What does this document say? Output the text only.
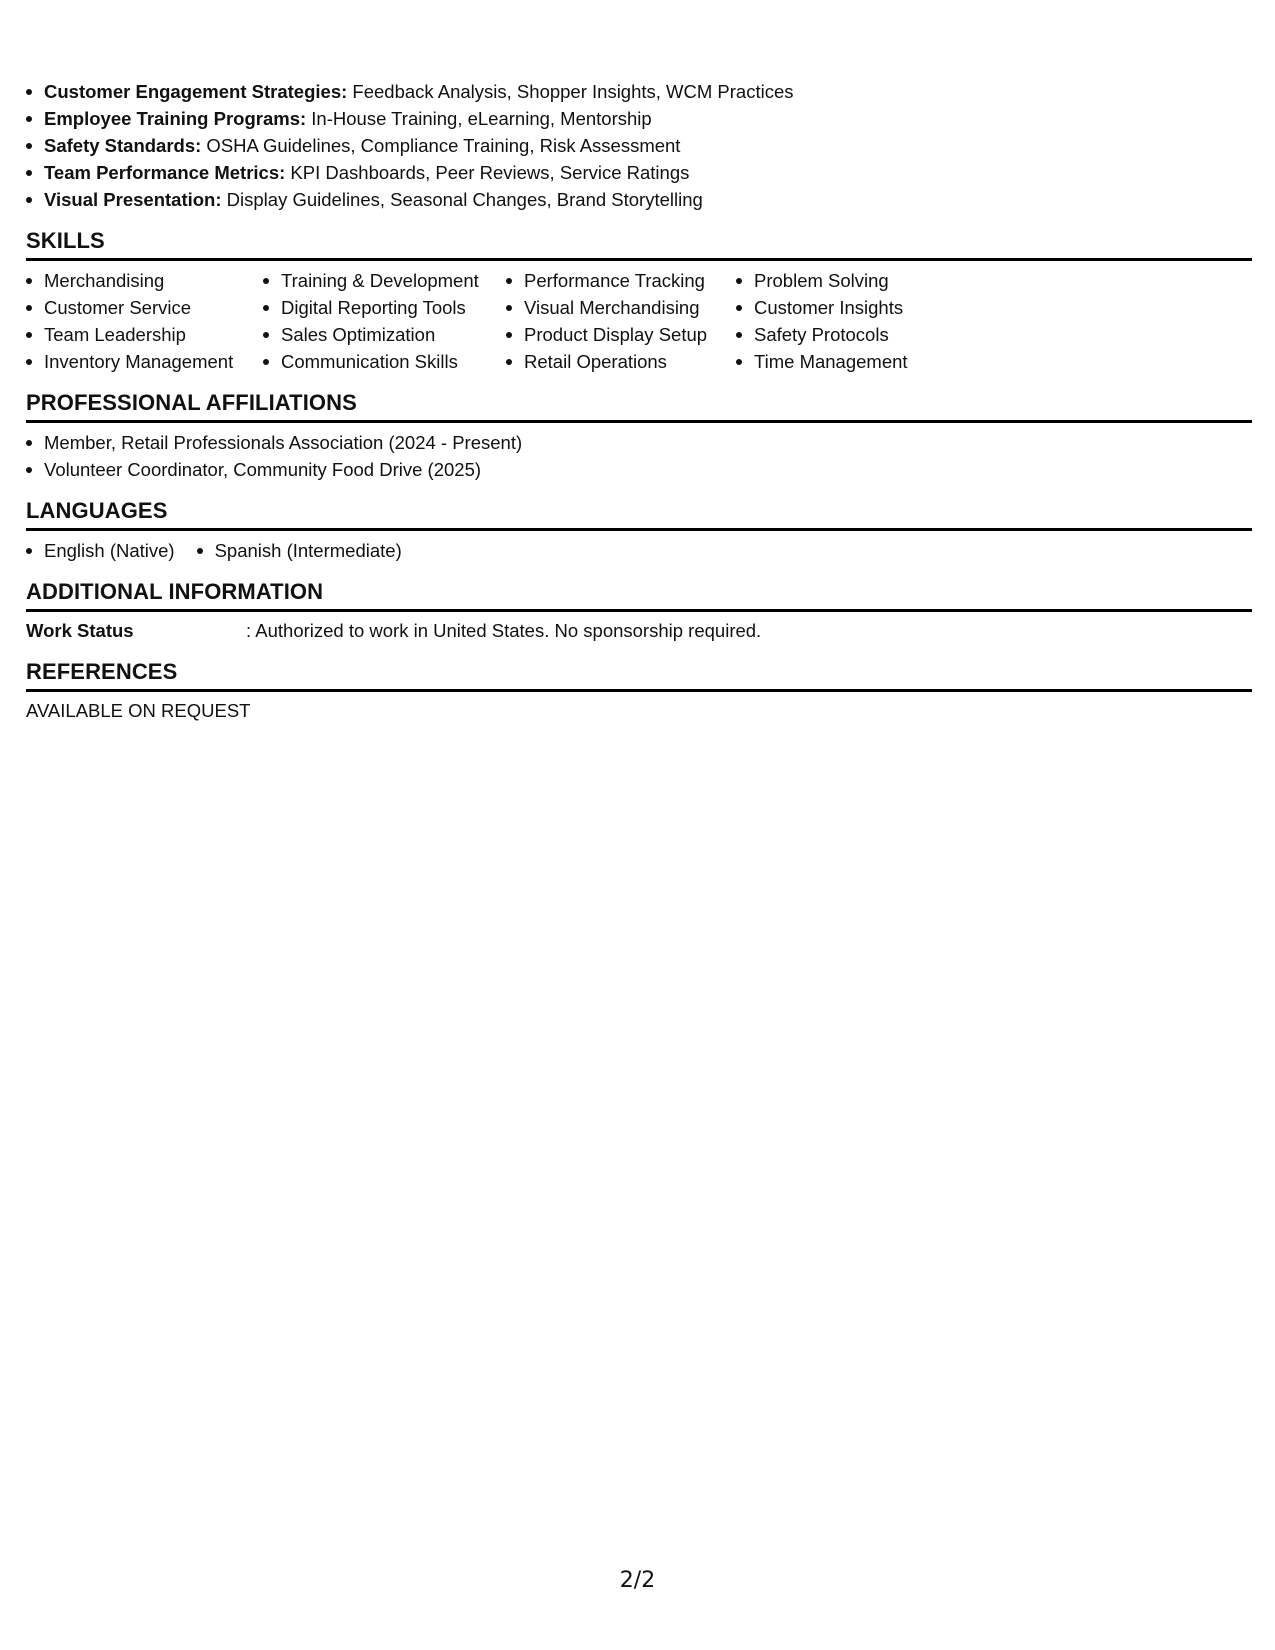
Customer Engagement Strategies: Feedback Analysis, Shopper Insights, WCM Practices
Employee Training Programs: In-House Training, eLearning, Mentorship
Safety Standards: OSHA Guidelines, Compliance Training, Risk Assessment
Team Performance Metrics: KPI Dashboards, Peer Reviews, Service Ratings
Visual Presentation: Display Guidelines, Seasonal Changes, Brand Storytelling
SKILLS
Merchandising
Customer Service
Team Leadership
Inventory Management
Training & Development
Digital Reporting Tools
Sales Optimization
Communication Skills
Performance Tracking
Visual Merchandising
Product Display Setup
Retail Operations
Problem Solving
Customer Insights
Safety Protocols
Time Management
PROFESSIONAL AFFILIATIONS
Member, Retail Professionals Association (2024 - Present)
Volunteer Coordinator, Community Food Drive (2025)
LANGUAGES
English (Native)	Spanish (Intermediate)
ADDITIONAL INFORMATION
Work Status	: Authorized to work in United States. No sponsorship required.
REFERENCES
AVAILABLE ON REQUEST
2/2
